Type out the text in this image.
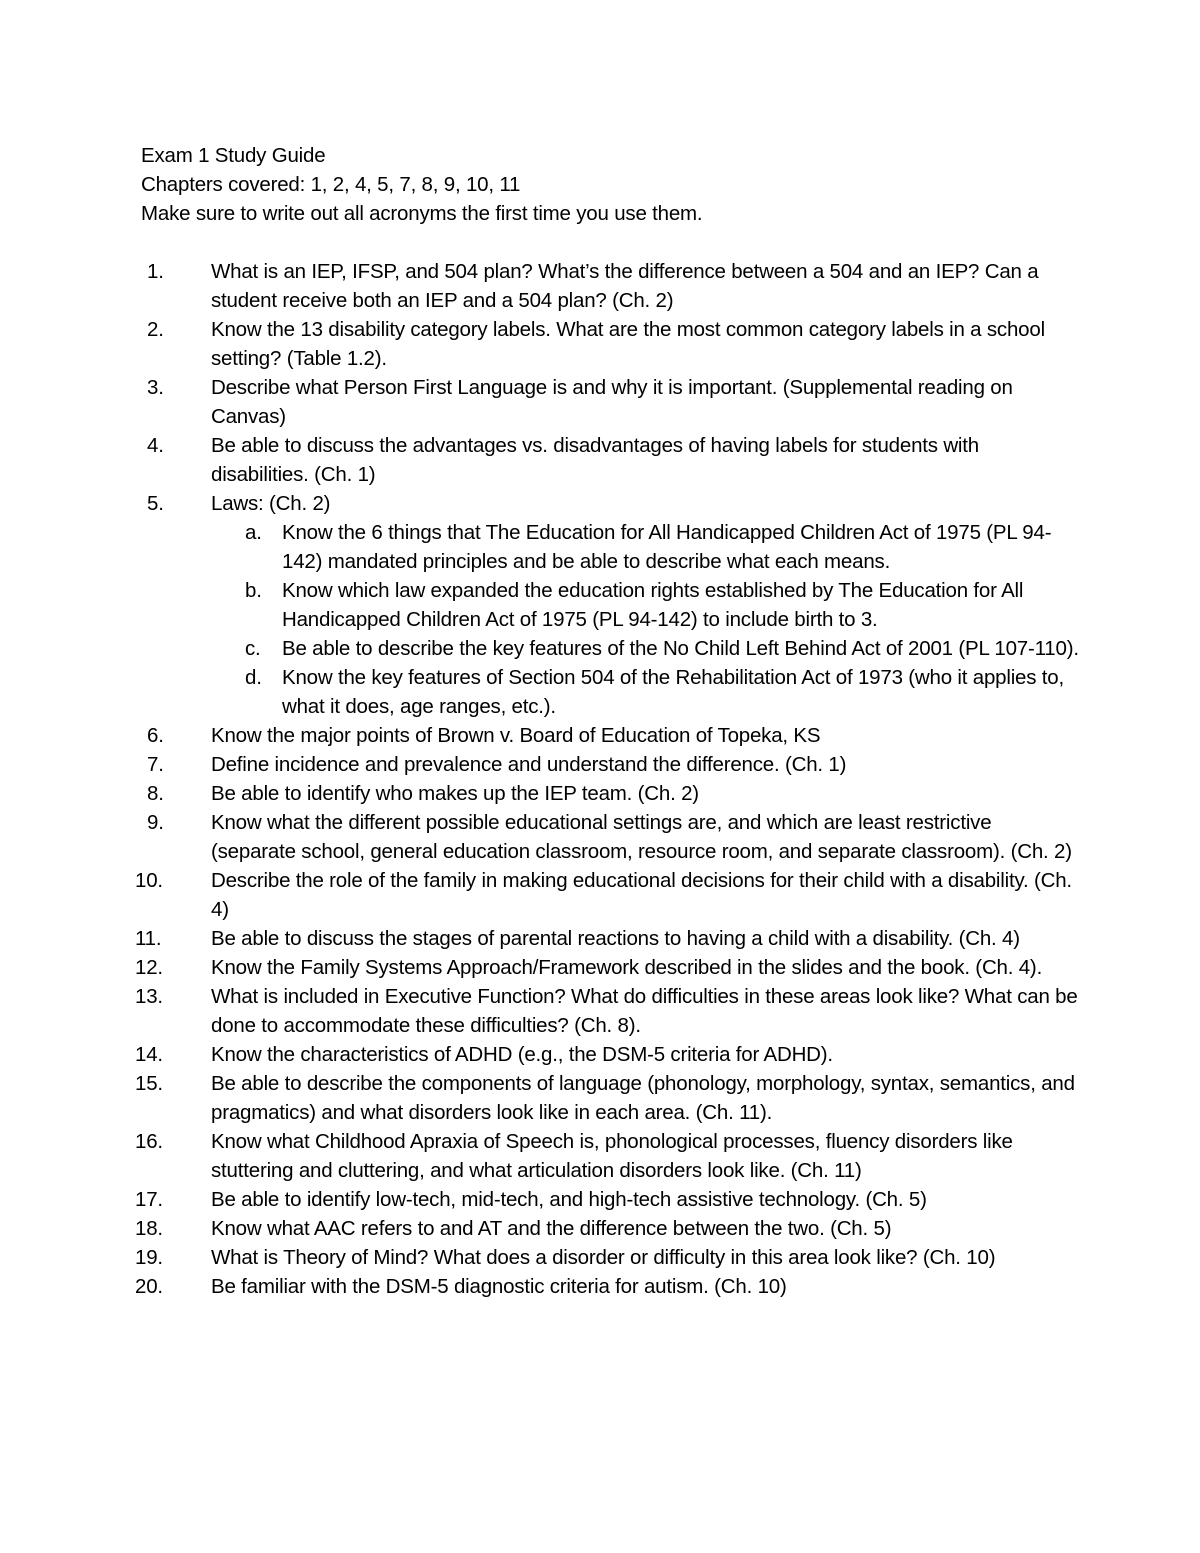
Exam 1 Study Guide

Chapters covered: 1, 2, 4, 5, 7, 8, 9, 10, 11

Make sure to write out all acronyms the first time you use them.

1.	What is an IEP, IFSP, and 504 plan? What’s the difference between a 504 and an IEP? Can a student receive both an IEP and a 504 plan? (Ch. 2)
2.	Know the 13 disability category labels. What are the most common category labels in a school setting? (Table 1.2).
3.	Describe what Person First Language is and why it is important. (Supplemental reading on Canvas)
4.	Be able to discuss the advantages vs. disadvantages of having labels for students with disabilities. (Ch. 1)
5.	Laws: (Ch. 2)
a. Know the 6 things that The Education for All Handicapped Children Act of 1975 (PL 94-142) mandated principles and be able to describe what each means.
b. Know which law expanded the education rights established by The Education for All Handicapped Children Act of 1975 (PL 94-142) to include birth to 3.
c.	Be able to describe the key features of the No Child Left Behind Act of 2001 (PL 107-110).
d. Know the key features of Section 504 of the Rehabilitation Act of 1973 (who it applies to, what it does, age ranges, etc.).
6.	Know the major points of Brown v. Board of Education of Topeka, KS
7.	Define incidence and prevalence and understand the difference. (Ch. 1)
8.	Be able to identify who makes up the IEP team. (Ch. 2)
9.	Know what the different possible educational settings are, and which are least restrictive (separate school, general education classroom, resource room, and separate classroom). (Ch. 2)
10.	Describe the role of the family in making educational decisions for their child with a disability. (Ch. 4)
11.	Be able to discuss the stages of parental reactions to having a child with a disability. (Ch. 4)
12.	Know the Family Systems Approach/Framework described in the slides and the book. (Ch. 4).
13.	What is included in Executive Function? What do difficulties in these areas look like? What can be done to accommodate these difficulties? (Ch. 8).
14.	Know the characteristics of ADHD (e.g., the DSM-5 criteria for ADHD).
15.	Be able to describe the components of language (phonology, morphology, syntax, semantics, and pragmatics) and what disorders look like in each area. (Ch. 11).
16.	Know what Childhood Apraxia of Speech is, phonological processes, fluency disorders like stuttering and cluttering, and what articulation disorders look like. (Ch. 11)
17.	Be able to identify low-tech, mid-tech, and high-tech assistive technology. (Ch. 5)
18.	Know what AAC refers to and AT and the difference between the two. (Ch. 5)
19.	What is Theory of Mind? What does a disorder or difficulty in this area look like? (Ch. 10)
20.	Be familiar with the DSM-5 diagnostic criteria for autism. (Ch. 10)
